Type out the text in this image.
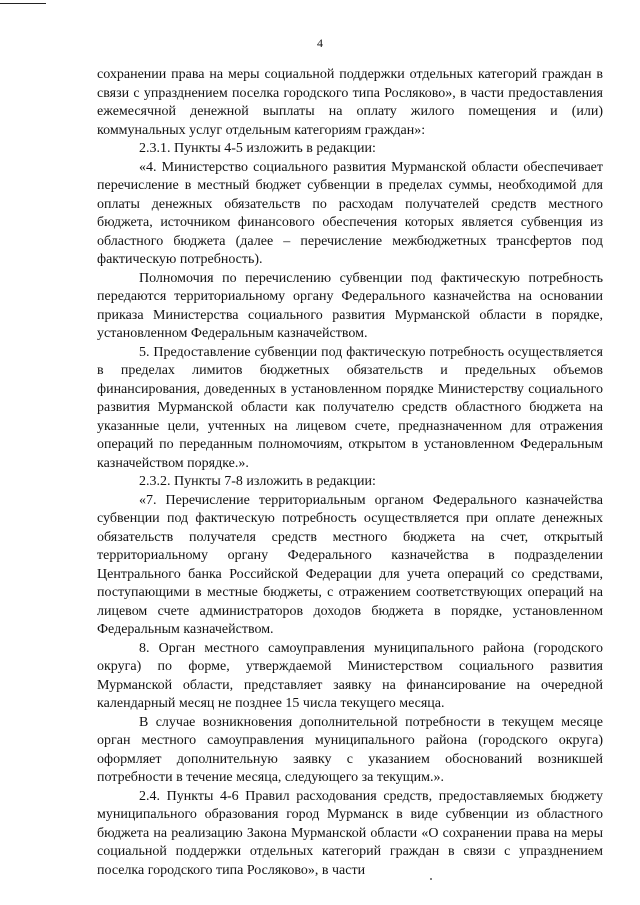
4

сохранении права на меры социальной поддержки отдельных категорий граждан в связи с упразднением поселка городского типа Росляково», в части предоставления ежемесячной денежной выплаты на оплату жилого помещения и (или) коммунальных услуг отдельным категориям граждан»:

2.3.1. Пункты 4-5 изложить в редакции:

«4. Министерство социального развития Мурманской области обеспечивает перечисление в местный бюджет субвенции в пределах суммы, необходимой для оплаты денежных обязательств по расходам получателей средств местного бюджета, источником финансового обеспечения которых является субвенция из областного бюджета (далее – перечисление межбюджетных трансфертов под фактическую потребность).

Полномочия по перечислению субвенции под фактическую потребность передаются территориальному органу Федерального казначейства на основании приказа Министерства социального развития Мурманской области в порядке, установленном Федеральным казначейством.

5. Предоставление субвенции под фактическую потребность осуществляется в пределах лимитов бюджетных обязательств и предельных объемов финансирования, доведенных в установленном порядке Министерству социального развития Мурманской области как получателю средств областного бюджета на указанные цели, учтенных на лицевом счете, предназначенном для отражения операций по переданным полномочиям, открытом в установленном Федеральным казначейством порядке.».

2.3.2. Пункты 7-8 изложить в редакции:

«7. Перечисление территориальным органом Федерального казначейства субвенции под фактическую потребность осуществляется при оплате денежных обязательств получателя средств местного бюджета на счет, открытый территориальному органу Федерального казначейства в подразделении Центрального банка Российской Федерации для учета операций со средствами, поступающими в местные бюджеты, с отражением соответствующих операций на лицевом счете администраторов доходов бюджета в порядке, установленном Федеральным казначейством.

8. Орган местного самоуправления муниципального района (городского округа) по форме, утверждаемой Министерством социального развития Мурманской области, представляет заявку на финансирование на очередной календарный месяц не позднее 15 числа текущего месяца.

В случае возникновения дополнительной потребности в текущем месяце орган местного самоуправления муниципального района (городского округа) оформляет дополнительную заявку с указанием обоснований возникшей потребности в течение месяца, следующего за текущим.».

2.4. Пункты 4-6 Правил расходования средств, предоставляемых бюджету муниципального образования город Мурманск в виде субвенции из областного бюджета на реализацию Закона Мурманской области «О сохранении права на меры социальной поддержки отдельных категорий граждан в связи с упразднением поселка городского типа Росляково», в части
